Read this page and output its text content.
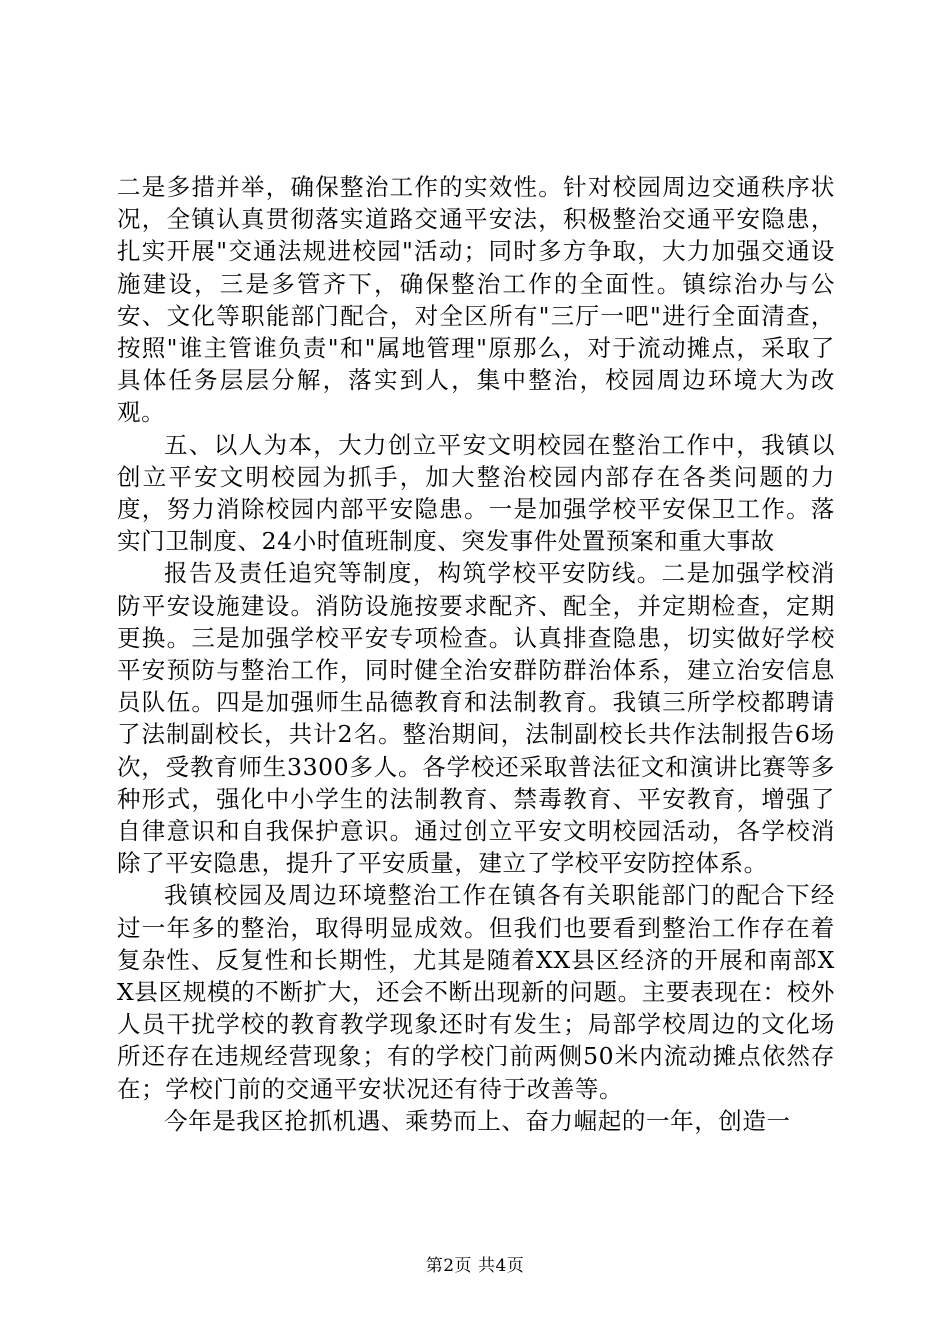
二是多措并举，确保整治工作的实效性。针对校园周边交通秩序状况，全镇认真贯彻落实道路交通平安法，积极整治交通平安隐患，扎实开展"交通法规进校园"活动；同时多方争取，大力加强交通设施建设，三是多管齐下，确保整治工作的全面性。镇综治办与公安、文化等职能部门配合，对全区所有"三厅一吧"进行全面清查，按照"谁主管谁负责"和"属地管理"原那么，对于流动摊点，采取了具体任务层层分解，落实到人，集中整治，校园周边环境大为改观。

五、以人为本，大力创立平安文明校园在整治工作中，我镇以创立平安文明校园为抓手，加大整治校园内部存在各类问题的力度，努力消除校园内部平安隐患。一是加强学校平安保卫工作。落实门卫制度、24小时值班制度、突发事件处置预案和重大事故

报告及责任追究等制度，构筑学校平安防线。二是加强学校消防平安设施建设。消防设施按要求配齐、配全，并定期检查，定期更换。三是加强学校平安专项检查。认真排查隐患，切实做好学校平安预防与整治工作，同时健全治安群防群治体系，建立治安信息员队伍。四是加强师生品德教育和法制教育。我镇三所学校都聘请了法制副校长，共计2名。整治期间，法制副校长共作法制报告6场次，受教育师生3300多人。各学校还采取普法征文和演讲比赛等多种形式，强化中小学生的法制教育、禁毒教育、平安教育，增强了自律意识和自我保护意识。通过创立平安文明校园活动，各学校消除了平安隐患，提升了平安质量，建立了学校平安防控体系。

我镇校园及周边环境整治工作在镇各有关职能部门的配合下经过一年多的整治，取得明显成效。但我们也要看到整治工作存在着复杂性、反复性和长期性，尤其是随着XX县区经济的开展和南部XX县区规模的不断扩大，还会不断出现新的问题。主要表现在：校外人员干扰学校的教育教学现象还时有发生；局部学校周边的文化场所还存在违规经营现象；有的学校门前两侧50米内流动摊点依然存在；学校门前的交通平安状况还有待于改善等。

今年是我区抢抓机遇、乘势而上、奋力崛起的一年，创造一

第2页 共4页
